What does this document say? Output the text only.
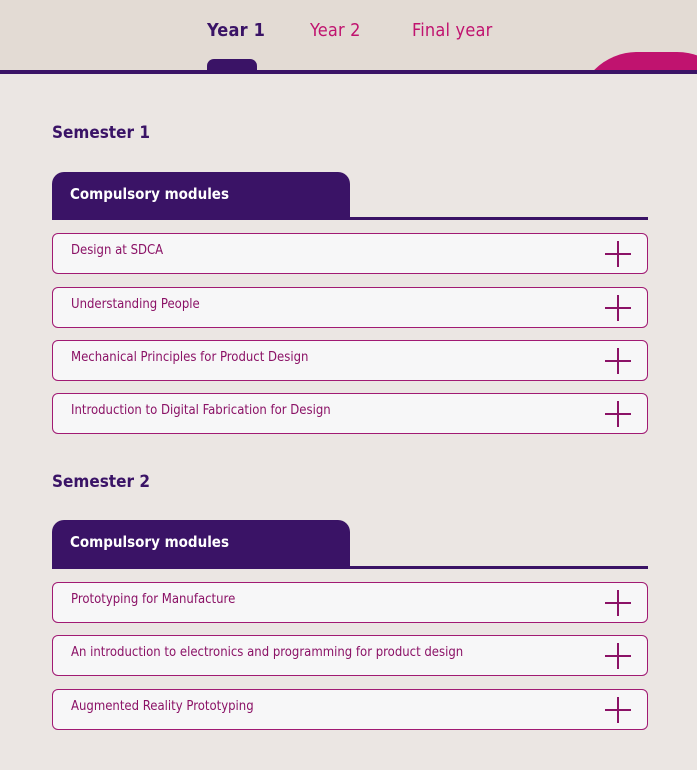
Year 1 Year 2	Final year
Semester 1
Compulsory modules
Design at SDCA
Understanding People
Mechanical Principles for Product Design
Introduction to Digital Fabrication for Design
Semester 2
Compulsory modules
Prototyping for Manufacture
An introduction to electronics and programming for product design
Augmented Reality Prototyping
